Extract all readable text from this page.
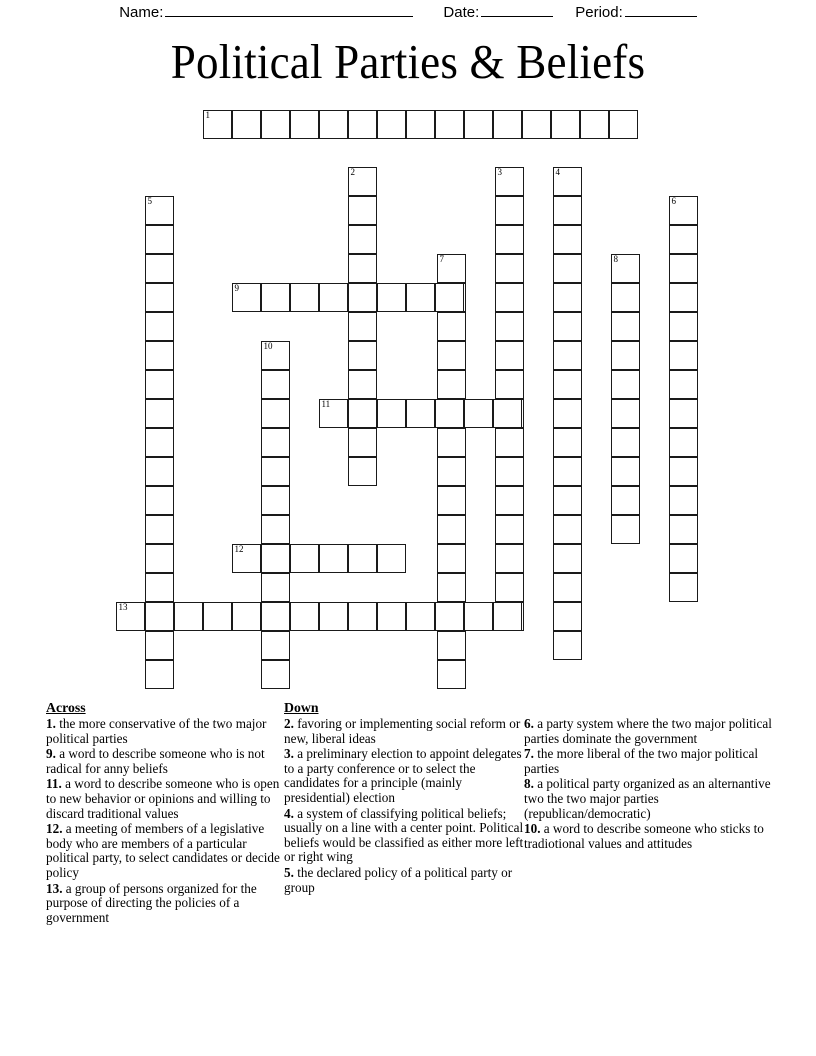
Name:	Date:	Period:
Political Parties & Beliefs
1
2	3	4
5	6
7	8
9
10
11
12
13
Across
1. the more conservative of the two major political parties
9. a word to describe someone who is not radical for anny beliefs
11. a word to describe someone who is open to new behavior or opinions and willing to discard traditional values
12. a meeting of members of a legislative body who are members of a particular political party, to select candidates or decide policy
13. a group of persons organized for the purpose of directing the policies of a government
Down
2. favoring or implementing social reform or new, liberal ideas
3. a preliminary election to appoint delegates to a party conference or to select the candidates for a principle (mainly presidential) election
4. a system of classifying political beliefs; usually on a line with a center point. Political beliefs would be classified as either more left or right wing
5. the declared policy of a political party or group
6. a party system where the two major political parties dominate the government
7. the more liberal of the two major political parties
8. a political party organized as an alternantive two the two major parties (republican/democratic)
10. a word to describe someone who sticks to tradiotional values and attitudes
